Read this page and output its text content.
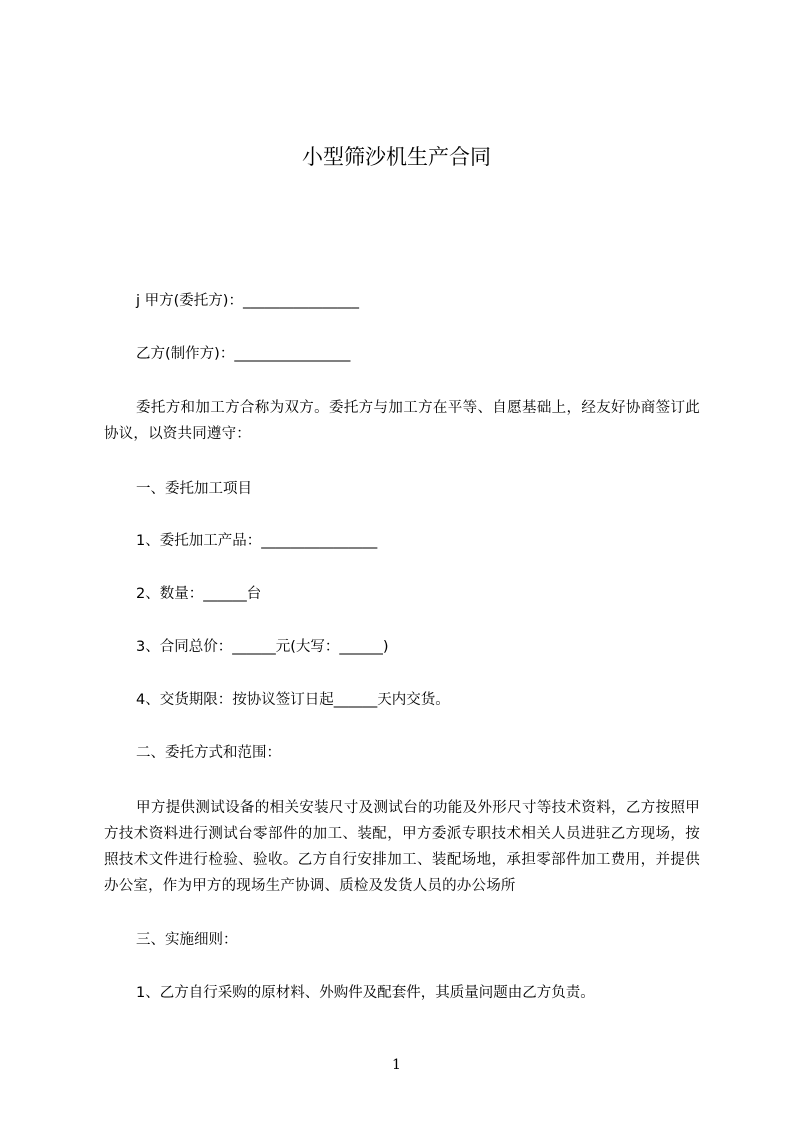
小型筛沙机生产合同
j 甲方(委托方)：________________
乙方(制作方)：________________
委托方和加工方合称为双方。委托方与加工方在平等、自愿基础上，经友好协商签订此协议，以资共同遵守：
一、委托加工项目
1、委托加工产品：________________
2、数量：______台
3、合同总价：______元(大写：______)
4、交货期限：按协议签订日起______天内交货。
二、委托方式和范围：
甲方提供测试设备的相关安装尺寸及测试台的功能及外形尺寸等技术资料，乙方按照甲方技术资料进行测试台零部件的加工、装配，甲方委派专职技术相关人员进驻乙方现场，按照技术文件进行检验、验收。乙方自行安排加工、装配场地，承担零部件加工费用，并提供办公室，作为甲方的现场生产协调、质检及发货人员的办公场所
三、实施细则：
1、乙方自行采购的原材料、外购件及配套件，其质量问题由乙方负责。
1
